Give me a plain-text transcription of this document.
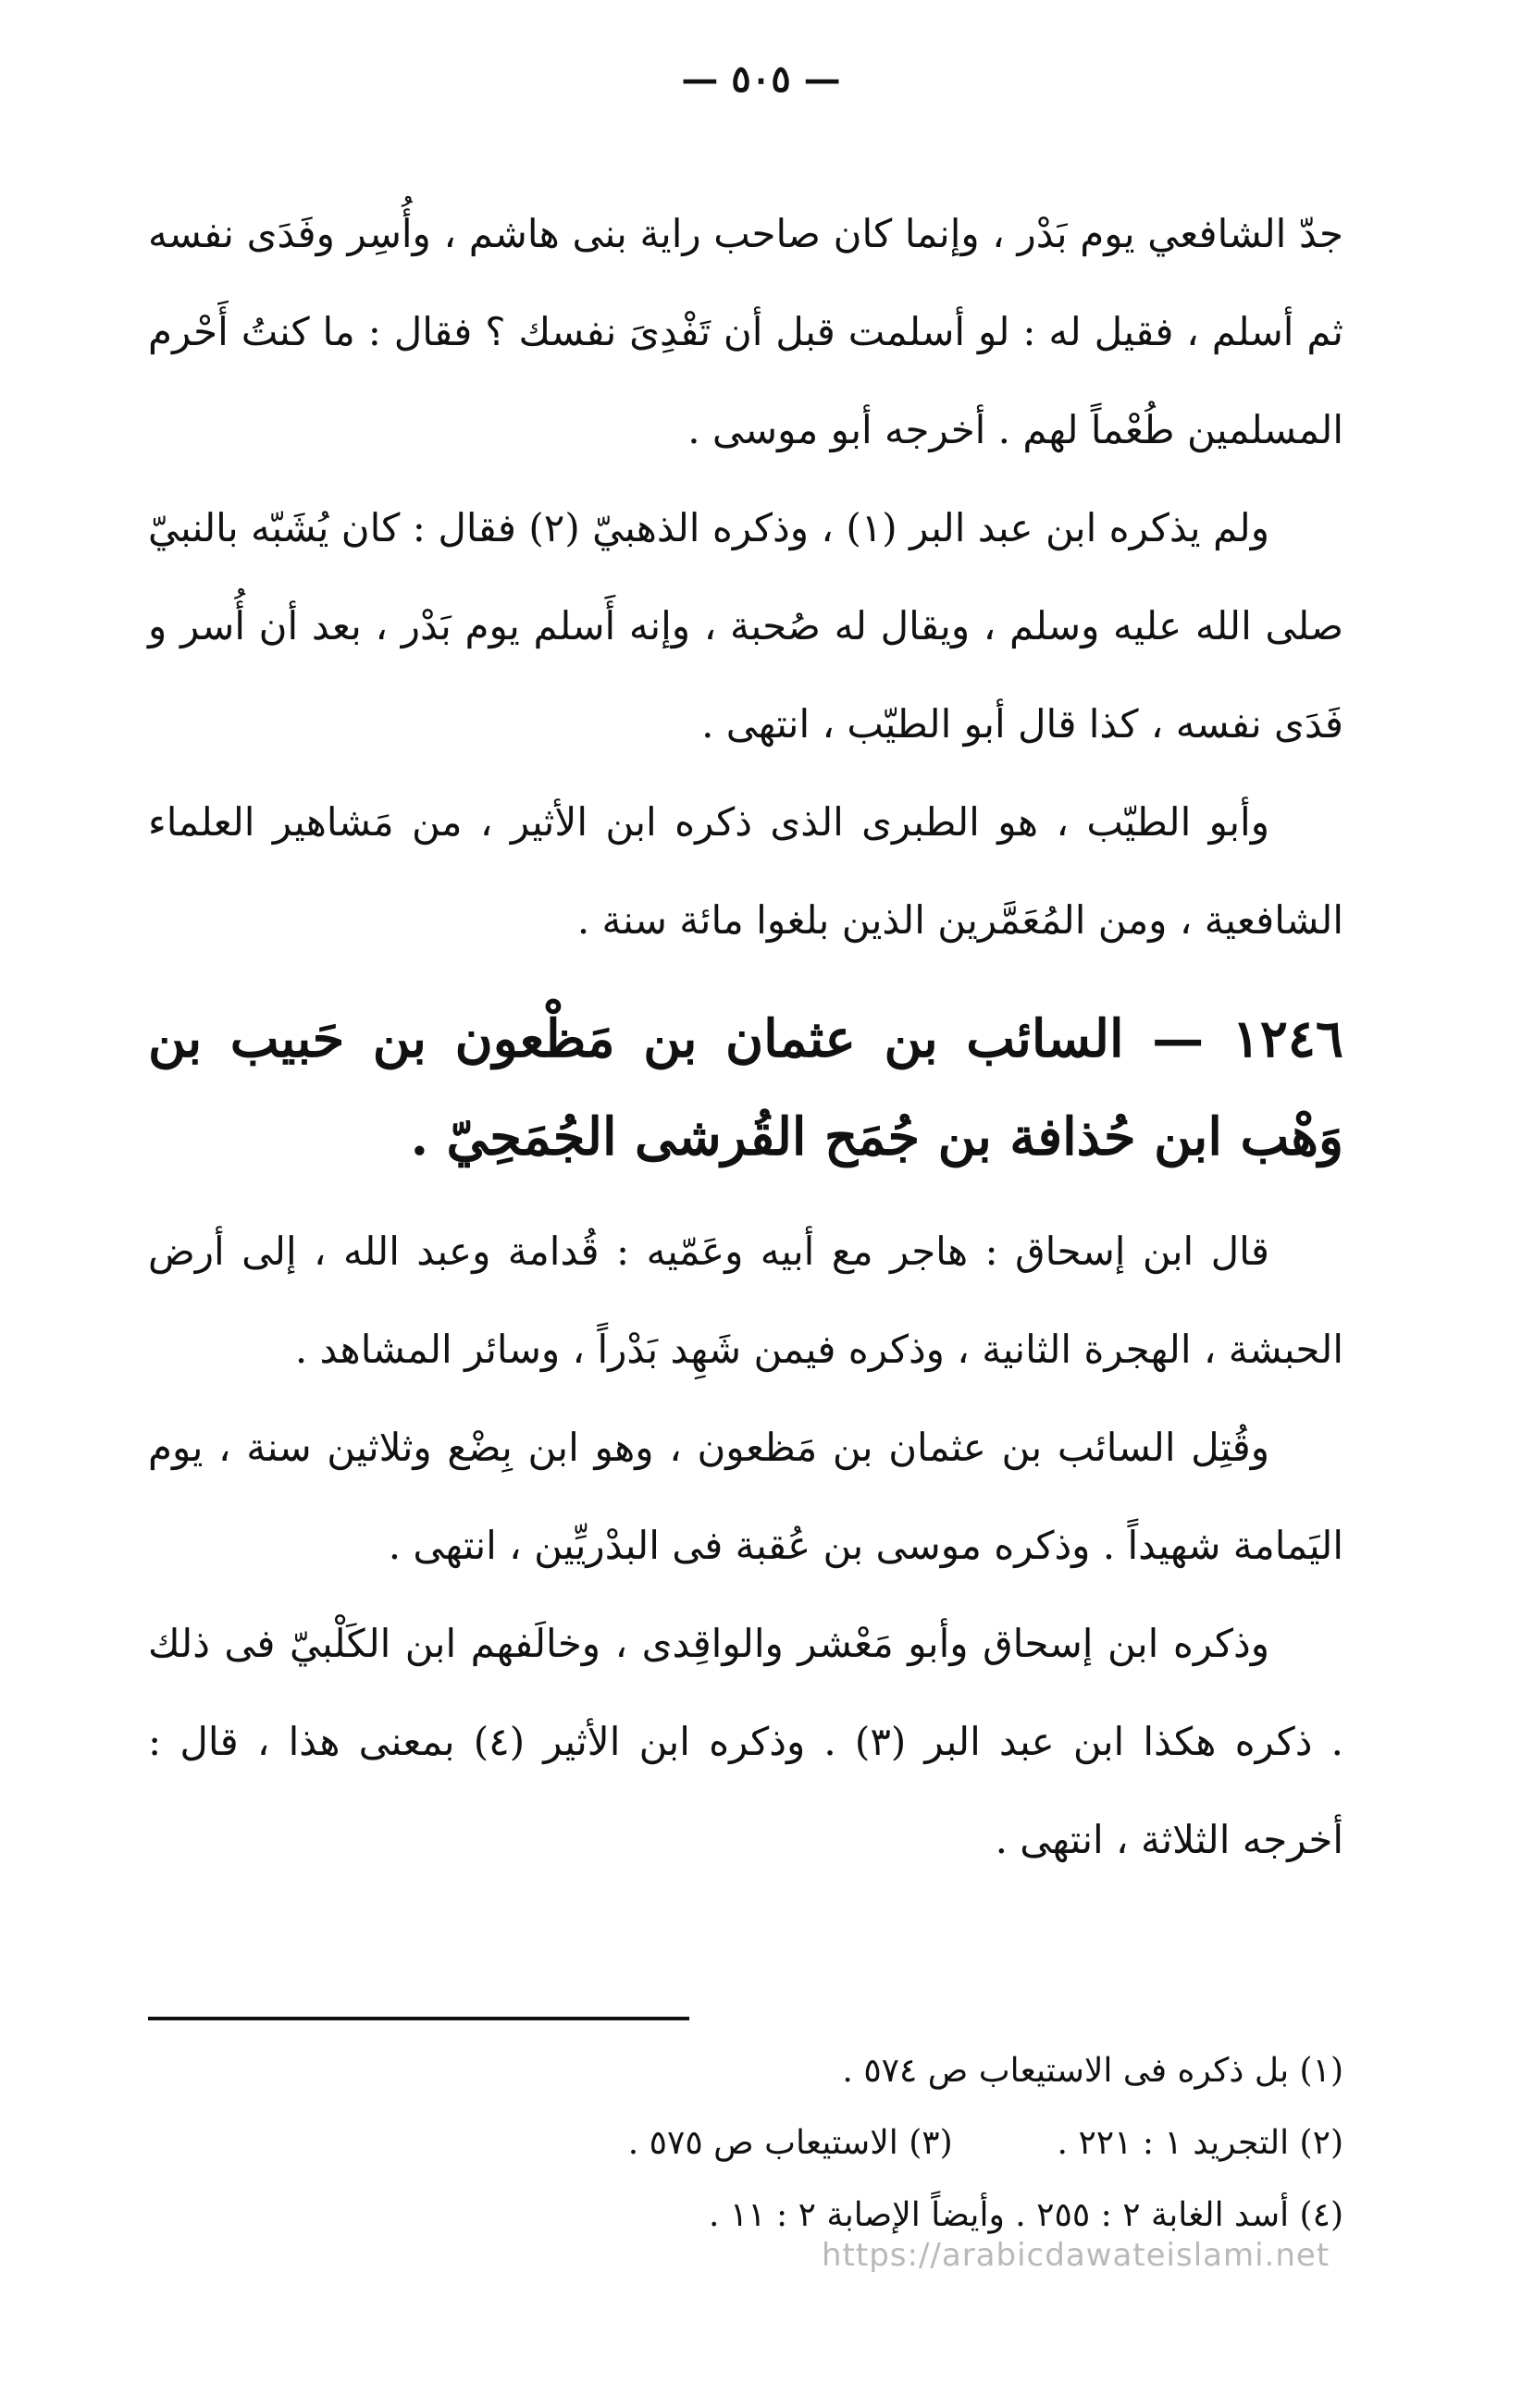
— ٥٠٥ —

جدّ الشافعي يوم بَدْر ، وإنما كان صاحب راية بنى هاشم ، وأُسِر وفَدَى نفسه ثم أسلم ، فقيل له : لو أسلمت قبل أن تَفْدِىَ نفسك ؟ فقال : ما كنتُ أَحْرم المسلمين طُعْماً لهم . أخرجه أبو موسى .

ولم يذكره ابن عبد البر (١) ، وذكره الذهبيّ (٢) فقال : كان يُشَبّه بالنبيّ صلى الله عليه وسلم ، ويقال له صُحبة ، وإنه أَسلم يوم بَدْر ، بعد أن أُسر و فَدَى نفسه ، كذا قال أبو الطيّب ، انتهى .

وأبو الطيّب ، هو الطبرى الذى ذكره ابن الأثير ، من مَشاهير العلماء الشافعية ، ومن المُعَمَّرين الذين بلغوا مائة سنة .

١٢٤٦ — السائب بن عثمان بن مَظْعون بن حَبيب بن وَهْب ابن حُذافة بن جُمَح القُرشى الجُمَحِيّ .

قال ابن إسحاق : هاجر مع أبيه وعَمّيه : قُدامة وعبد الله ، إلى أرض الحبشة ، الهجرة الثانية ، وذكره فيمن شَهِد بَدْراً ، وسائر المشاهد .

وقُتِل السائب بن عثمان بن مَظعون ، وهو ابن بِضْع وثلاثين سنة ، يوم اليَمامة شهيداً . وذكره موسى بن عُقبة فى البدْريِّين ، انتهى .

وذكره ابن إسحاق وأبو مَعْشر والواقِدى ، وخالَفهم ابن الكَلْبيّ فى ذلك . ذكره هكذا ابن عبد البر (٣) . وذكره ابن الأثير (٤) بمعنى هذا ، قال : أخرجه الثلاثة ، انتهى .

(١) بل ذكره فى الاستيعاب ص ٥٧٤ .

(٢) التجريد ١ : ٢٢١ .  (٣) الاستيعاب ص ٥٧٥ .

(٤) أسد الغابة ٢ : ٢٥٥ . وأيضاً الإصابة ٢ : ١١ .

https://arabicdawateislami.net
